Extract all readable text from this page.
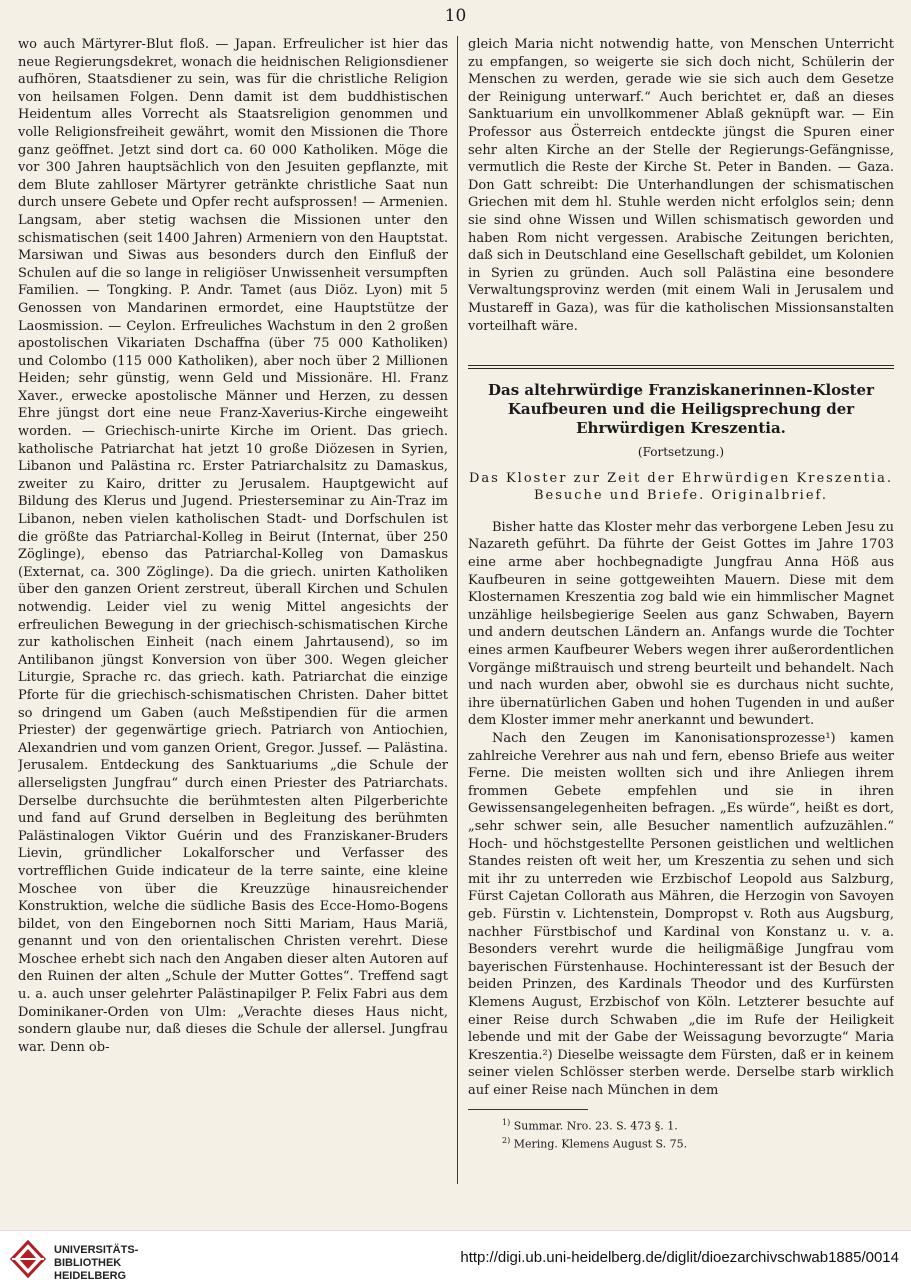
10

wo auch Märtyrer-Blut floß. — Japan. Erfreulicher ist hier das neue Regierungsdekret, wonach die heidnischen Religionsdiener aufhören, Staatsdiener zu sein, was für die christliche Religion von heilsamen Folgen. Denn damit ist dem buddhistischen Heidentum alles Vorrecht als Staatsreligion genommen und volle Religionsfreiheit gewährt, womit den Missionen die Thore ganz geöffnet. Jetzt sind dort ca. 60 000 Katholiken. Möge die vor 300 Jahren hauptsächlich von den Jesuiten gepflanzte, mit dem Blute zahlloser Märtyrer getränkte christliche Saat nun durch unsere Gebete und Opfer recht aufsprossen! — Armenien. Langsam, aber stetig wachsen die Missionen unter den schismatischen (seit 1400 Jahren) Armeniern von den Hauptstat. Marsiwan und Siwas aus besonders durch den Einfluß der Schulen auf die so lange in religiöser Unwissenheit versumpften Familien. — Tongking. P. Andr. Tamet (aus Diöz. Lyon) mit 5 Genossen von Mandarinen ermordet, eine Hauptstütze der Laosmission. — Ceylon. Erfreuliches Wachstum in den 2 großen apostolischen Vikariaten Dschaffna (über 75 000 Katholiken) und Colombo (115 000 Katholiken), aber noch über 2 Millionen Heiden; sehr günstig, wenn Geld und Missionäre. Hl. Franz Xaver., erwecke apostolische Männer und Herzen, zu dessen Ehre jüngst dort eine neue Franz-Xaverius-Kirche eingeweiht worden. — Griechisch-unirte Kirche im Orient. Das griech. katholische Patriarchat hat jetzt 10 große Diözesen in Syrien, Libanon und Palästina rc. Erster Patriarchalsitz zu Damaskus, zweiter zu Kairo, dritter zu Jerusalem. Hauptgewicht auf Bildung des Klerus und Jugend. Priesterseminar zu Ain-Traz im Libanon, neben vielen katholischen Stadt- und Dorfschulen ist die größte das Patriarchal-Kolleg in Beirut (Internat, über 250 Zöglinge), ebenso das Patriarchal-Kolleg von Damaskus (Externat, ca. 300 Zöglinge). Da die griech. unirten Katholiken über den ganzen Orient zerstreut, überall Kirchen und Schulen notwendig. Leider viel zu wenig Mittel angesichts der erfreulichen Bewegung in der griechisch-schismatischen Kirche zur katholischen Einheit (nach einem Jahrtausend), so im Antilibanon jüngst Konversion von über 300. Wegen gleicher Liturgie, Sprache rc. das griech. kath. Patriarchat die einzige Pforte für die griechisch-schismatischen Christen. Daher bittet so dringend um Gaben (auch Meßstipendien für die armen Priester) der gegenwärtige griech. Patriarch von Antiochien, Alexandrien und vom ganzen Orient, Gregor. Jussef. — Palästina. Jerusalem. Entdeckung des Sanktuariums „die Schule der allerseligsten Jungfrau“ durch einen Priester des Patriarchats. Derselbe durchsuchte die berühmtesten alten Pilgerberichte und fand auf Grund derselben in Begleitung des berühmten Palästinalogen Viktor Guérin und des Franziskaner-Bruders Lievin, gründlicher Lokalforscher und Verfasser des vortrefflichen Guide indicateur de la terre sainte, eine kleine Moschee von über die Kreuzzüge hinausreichender Konstruktion, welche die südliche Basis des Ecce-Homo-Bogens bildet, von den Eingebornen noch Sitti Mariam, Haus Mariä, genannt und von den orientalischen Christen verehrt. Diese Moschee erhebt sich nach den Angaben dieser alten Autoren auf den Ruinen der alten „Schule der Mutter Gottes“. Treffend sagt u. a. auch unser gelehrter Palästinapilger P. Felix Fabri aus dem Dominikaner-Orden von Ulm: „Verachte dieses Haus nicht, sondern glaube nur, daß dieses die Schule der allersel. Jungfrau war. Denn ob-

gleich Maria nicht notwendig hatte, von Menschen Unterricht zu empfangen, so weigerte sie sich doch nicht, Schülerin der Menschen zu werden, gerade wie sie sich auch dem Gesetze der Reinigung unterwarf.“ Auch berichtet er, daß an dieses Sanktuarium ein unvollkommener Ablaß geknüpft war. — Ein Professor aus Österreich entdeckte jüngst die Spuren einer sehr alten Kirche an der Stelle der Regierungs-Gefängnisse, vermutlich die Reste der Kirche St. Peter in Banden. — Gaza. Don Gatt schreibt: Die Unterhandlungen der schismatischen Griechen mit dem hl. Stuhle werden nicht erfolglos sein; denn sie sind ohne Wissen und Willen schismatisch geworden und haben Rom nicht vergessen. Arabische Zeitungen berichten, daß sich in Deutschland eine Gesellschaft gebildet, um Kolonien in Syrien zu gründen. Auch soll Palästina eine besondere Verwaltungsprovinz werden (mit einem Wali in Jerusalem und Mustareff in Gaza), was für die katholischen Missionsanstalten vorteilhaft wäre.

Das altehrwürdige Franziskanerinnen-Kloster Kaufbeuren und die Heiligsprechung der Ehrwürdigen Kreszentia.
(Fortsetzung.)
Das Kloster zur Zeit der Ehrwürdigen Kreszentia. Besuche und Briefe. Originalbrief.

Bisher hatte das Kloster mehr das verborgene Leben Jesu zu Nazareth geführt. Da führte der Geist Gottes im Jahre 1703 eine arme aber hochbegnadigte Jungfrau Anna Höß aus Kaufbeuren in seine gottgeweihten Mauern. Diese mit dem Klosternamen Kreszentia zog bald wie ein himmlischer Magnet unzählige heilsbegierige Seelen aus ganz Schwaben, Bayern und andern deutschen Ländern an. Anfangs wurde die Tochter eines armen Kaufbeurer Webers wegen ihrer außerordentlichen Vorgänge mißtrauisch und streng beurteilt und behandelt. Nach und nach wurden aber, obwohl sie es durchaus nicht suchte, ihre übernatürlichen Gaben und hohen Tugenden in und außer dem Kloster immer mehr anerkannt und bewundert.

Nach den Zeugen im Kanonisationsprozesse¹) kamen zahlreiche Verehrer aus nah und fern, ebenso Briefe aus weiter Ferne. Die meisten wollten sich und ihre Anliegen ihrem frommen Gebete empfehlen und sie in ihren Gewissensangelegenheiten befragen. „Es würde“, heißt es dort, „sehr schwer sein, alle Besucher namentlich aufzuzählen.“ Hoch- und höchstgestellte Personen geistlichen und weltlichen Standes reisten oft weit her, um Kreszentia zu sehen und sich mit ihr zu unterreden wie Erzbischof Leopold aus Salzburg, Fürst Cajetan Collorath aus Mähren, die Herzogin von Savoyen geb. Fürstin v. Lichtenstein, Dompropst v. Roth aus Augsburg, nachher Fürstbischof und Kardinal von Konstanz u. v. a. Besonders verehrt wurde die heiligmäßige Jungfrau vom bayerischen Fürstenhause. Hochinteressant ist der Besuch der beiden Prinzen, des Kardinals Theodor und des Kurfürsten Klemens August, Erzbischof von Köln. Letzterer besuchte auf einer Reise durch Schwaben „die im Rufe der Heiligkeit lebende und mit der Gabe der Weissagung bevorzugte“ Maria Kreszentia.²) Dieselbe weissagte dem Fürsten, daß er in keinem seiner vielen Schlösser sterben werde. Derselbe starb wirklich auf einer Reise nach München in dem

$^{1)}$ Summar. Nro. 23. S. 473 §. 1.
$^{2)}$ Mering. Klemens August S. 75.
UNIVERSITÄTS-
BIBLIOTHEK
HEIDELBERG
http://digi.ub.uni-heidelberg.de/diglit/dioezarchivschwab1885/0014
